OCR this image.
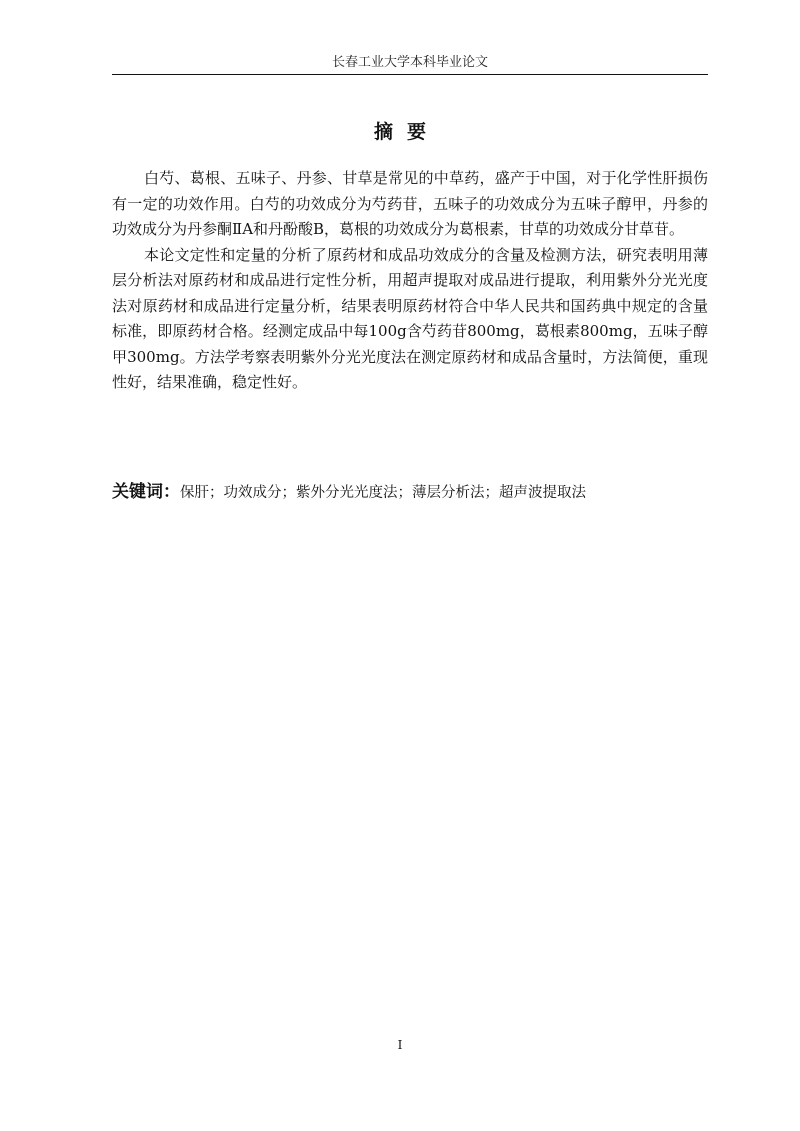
长春工业大学本科毕业论文
摘要

白芍、葛根、五味子、丹参、甘草是常见的中草药，盛产于中国，对于化学性肝损伤有一定的功效作用。白芍的功效成分为芍药苷，五味子的功效成分为五味子醇甲，丹参的功效成分为丹参酮ⅡA和丹酚酸B，葛根的功效成分为葛根素，甘草的功效成分甘草苷。

本论文定性和定量的分析了原药材和成品功效成分的含量及检测方法，研究表明用薄层分析法对原药材和成品进行定性分析，用超声提取对成品进行提取，利用紫外分光光度法对原药材和成品进行定量分析，结果表明原药材符合中华人民共和国药典中规定的含量标准，即原药材合格。经测定成品中每100g含芍药苷800mg，葛根素800mg，五味子醇甲300mg。方法学考察表明紫外分光光度法在测定原药材和成品含量时，方法简便，重现性好，结果准确，稳定性好。

关键词：保肝；功效成分；紫外分光光度法；薄层分析法；超声波提取法
I
